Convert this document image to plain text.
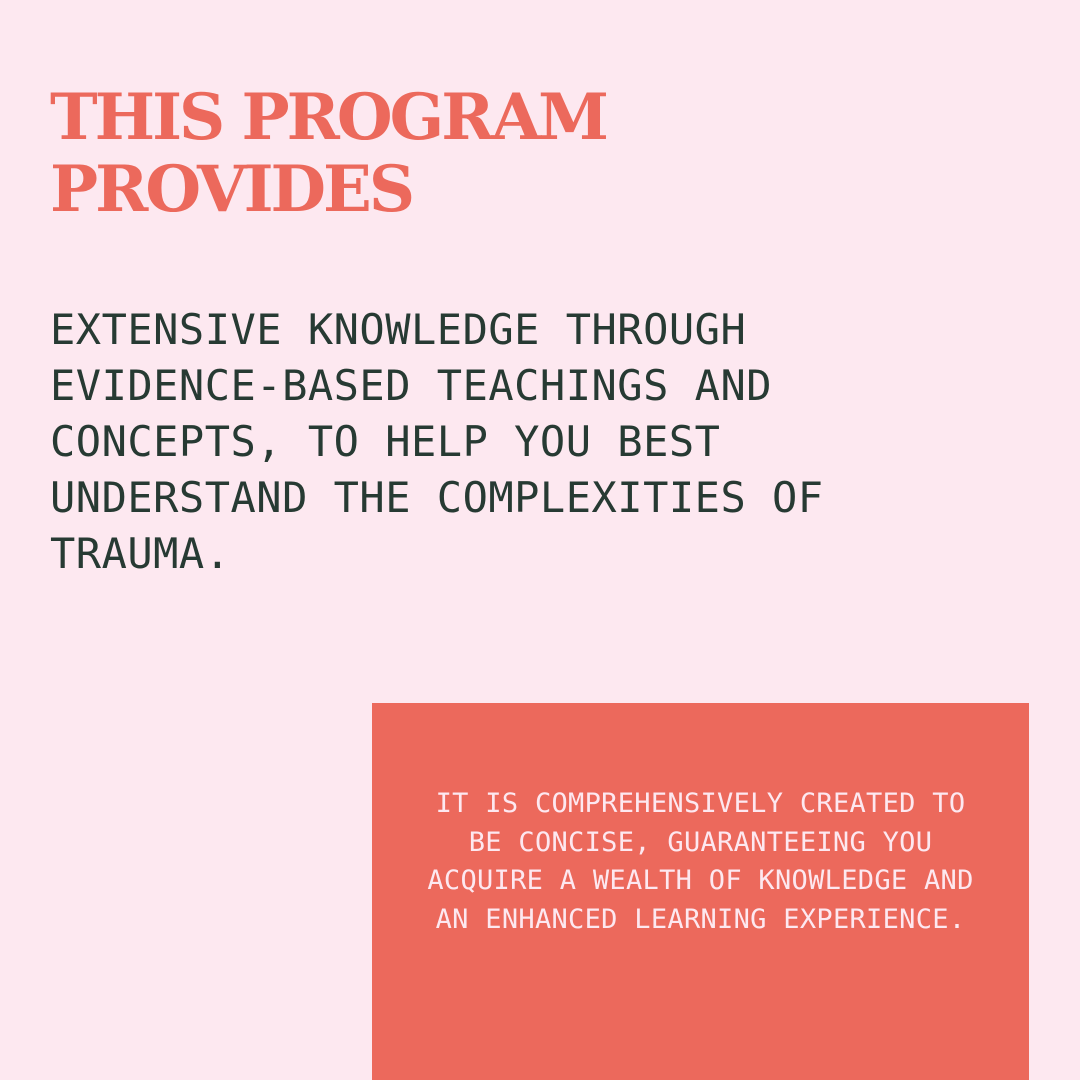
THIS PROGRAM PROVIDES

EXTENSIVE KNOWLEDGE THROUGH EVIDENCE-BASED TEACHINGS AND CONCEPTS, TO HELP YOU BEST UNDERSTAND THE COMPLEXITIES OF TRAUMA.

IT IS COMPREHENSIVELY CREATED TO BE CONCISE, GUARANTEEING YOU ACQUIRE A WEALTH OF KNOWLEDGE AND AN ENHANCED LEARNING EXPERIENCE.
